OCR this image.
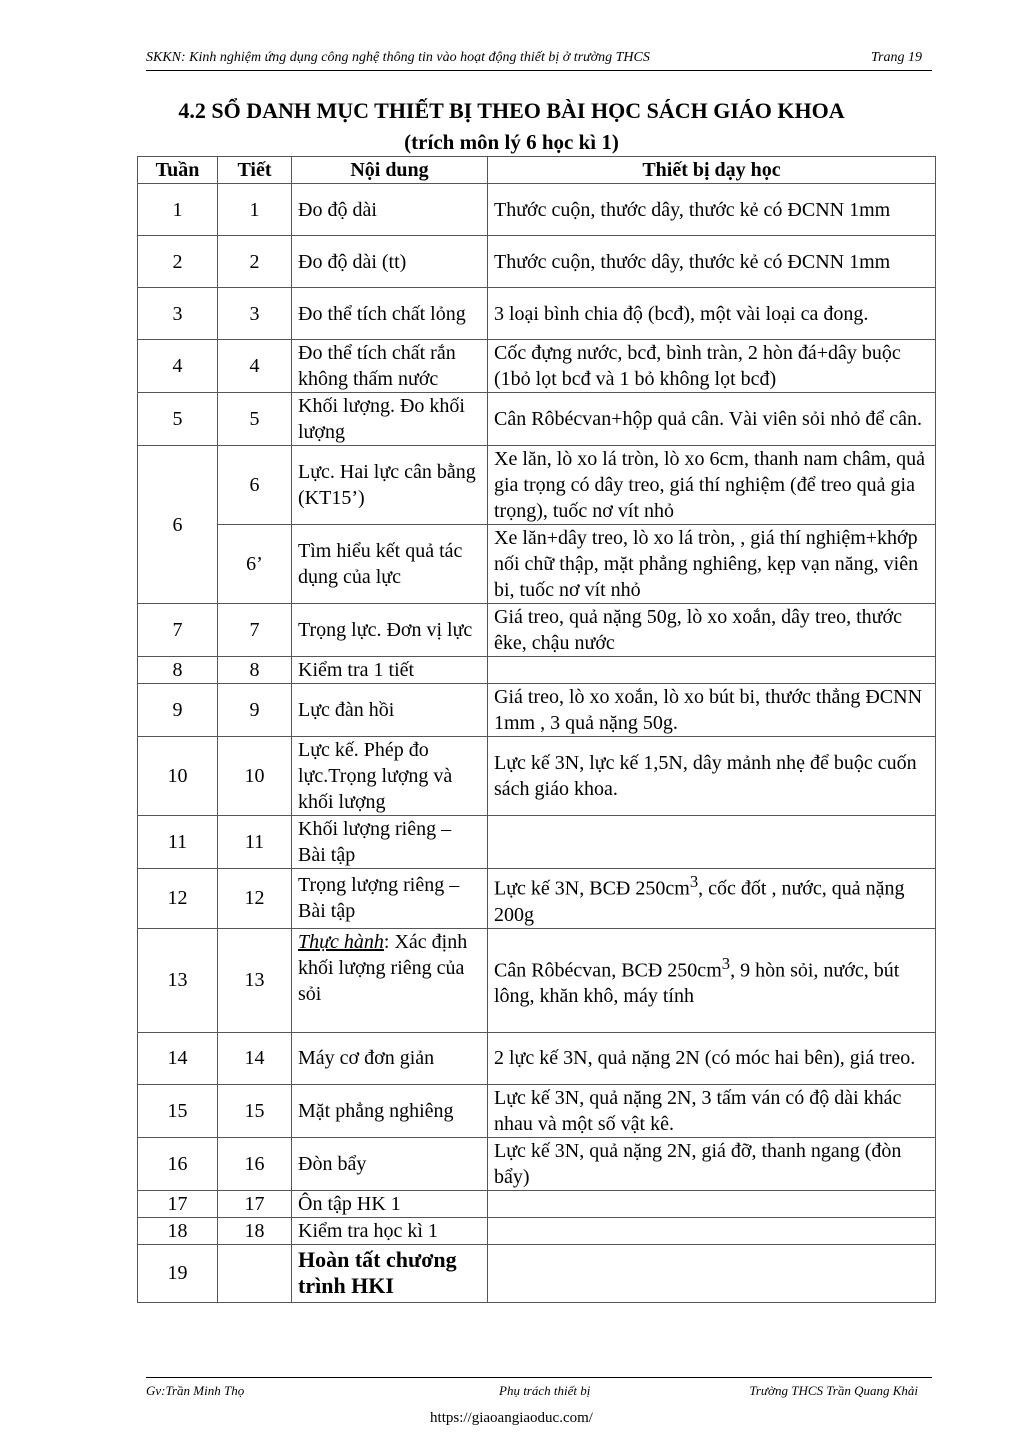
SKKN: Kinh nghiệm ứng dụng công nghệ thông tin vào hoạt động thiết bị ở trường THCS	Trang 19
4.2 SỔ DANH MỤC THIẾT BỊ THEO BÀI HỌC SÁCH GIÁO KHOA
(trích môn lý 6 học kì 1)
Tuần	Tiết	Nội dung	Thiết bị dạy học
1	1	Đo độ dài	Thước cuộn, thước dây, thước kẻ có ĐCNN 1mm
2	2	Đo độ dài (tt)	Thước cuộn, thước dây, thước kẻ có ĐCNN 1mm
3	3	Đo thể tích chất lỏng	3 loại bình chia độ (bcđ), một vài loại ca đong.
4	4	Đo thể tích chất rắn không thấm nước	Cốc đựng nước, bcđ, bình tràn, 2 hòn đá+dây buộc (1bỏ lọt bcđ và 1 bỏ không lọt bcđ)
5	5	Khối lượng. Đo khối lượng	Cân Rôbécvan+hộp quả cân. Vài viên sỏi nhỏ để cân.
6	6	Lực. Hai lực cân bằng (KT15’)	Xe lăn, lò xo lá tròn, lò xo 6cm, thanh nam châm, quả gia trọng có dây treo, giá thí nghiệm (để treo quả gia trọng), tuốc nơ vít nhỏ
	6’	Tìm hiểu kết quả tác dụng của lực	Xe lăn+dây treo, lò xo lá tròn, , giá thí nghiệm+khớp nối chữ thập, mặt phẳng nghiêng, kẹp vạn năng, viên bi, tuốc nơ vít nhỏ
7	7	Trọng lực. Đơn vị lực	Giá treo, quả nặng 50g, lò xo xoắn, dây treo, thước êke, chậu nước
8	8	Kiểm tra 1 tiết	
9	9	Lực đàn hồi	Giá treo, lò xo xoắn, lò xo bút bi, thước thẳng ĐCNN 1mm , 3 quả nặng 50g.
10	10	Lực kế. Phép đo lực.Trọng lượng và khối lượng	Lực kế 3N, lực kế 1,5N, dây mảnh nhẹ để buộc cuốn sách giáo khoa.
11	11	Khối lượng riêng – Bài tập	
12	12	Trọng lượng riêng – Bài tập	Lực kế 3N, BCĐ $250cm^3$, cốc đốt , nước, quả nặng 200g
13	13	Thực hành: Xác định khối lượng riêng của sỏi	Cân Rôbécvan, BCĐ $250cm^3$, 9 hòn sỏi, nước, bút lông, khăn khô, máy tính
14	14	Máy cơ đơn giản	2 lực kế 3N, quả nặng 2N (có móc hai bên), giá treo.
15	15	Mặt phẳng nghiêng	Lực kế 3N, quả nặng 2N, 3 tấm ván có độ dài khác nhau và một số vật kê.
16	16	Đòn bẩy	Lực kế 3N, quả nặng 2N, giá đỡ, thanh ngang (đòn bẩy)
17	17	Ôn tập HK 1	
18	18	Kiểm tra học kì 1	
19		Hoàn tất chương trình HKI	
Gv:Trần Minh Thọ	Phụ trách thiết bị	Trường THCS Trần Quang Khải
https://giaoangiaoduc.com/
